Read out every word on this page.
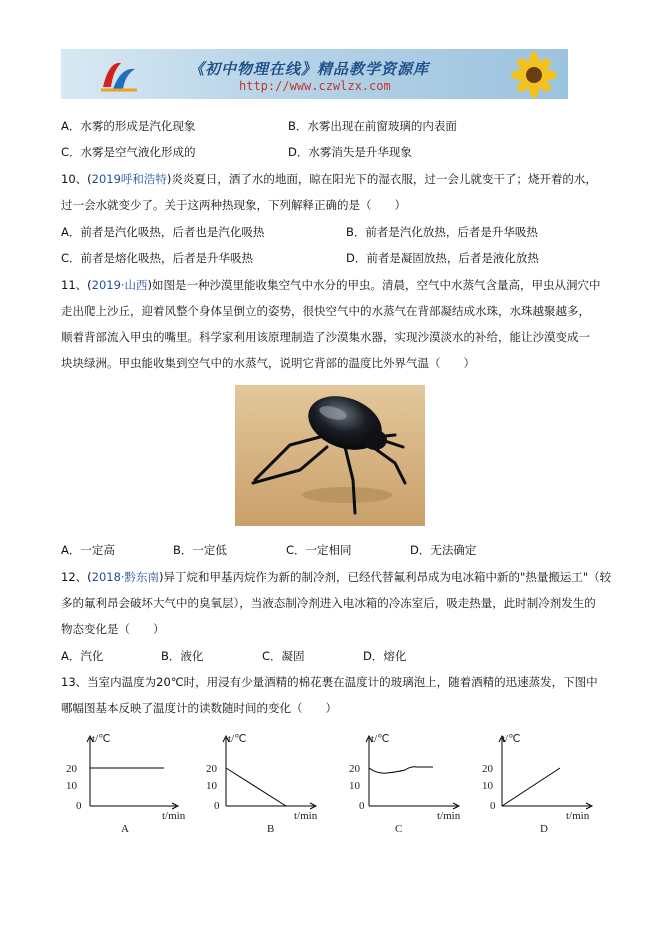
《初中物理在线》精品教学资源库
http://www.czwlzx.com
A．水雾的形成是汽化现象	B．水雾出现在前窗玻璃的内表面
C．水雾是空气液化形成的	D．水雾消失是升华现象
10、(2019呼和浩特)炎炎夏日，洒了水的地面，晾在阳光下的湿衣服，过一会儿就变干了；烧开着的水，
过一会水就变少了。关于这两种热现象，下列解释正确的是（　　）
A．前者是汽化吸热，后者也是汽化吸热	B．前者是汽化放热，后者是升华吸热
C．前者是熔化吸热，后者是升华吸热	D．前者是凝固放热，后者是液化放热
11、(2019·山西)如图是一种沙漠里能收集空气中水分的甲虫。清晨，空气中水蒸气含量高，甲虫从洞穴中
走出爬上沙丘，迎着风整个身体呈倒立的姿势，很快空气中的水蒸气在背部凝结成水珠，水珠越聚越多，
顺着背部流入甲虫的嘴里。科学家利用该原理制造了沙漠集水器，实现沙漠淡水的补给，能让沙漠变成一
块块绿洲。甲虫能收集到空气中的水蒸气，说明它背部的温度比外界气温（　　）
A．一定高	B．一定低	C．一定相同	D．无法确定
12、(2018·黔东南)异丁烷和甲基丙烷作为新的制冷剂，已经代替氟利昂成为电冰箱中新的"热量搬运工"（较
多的氟利昂会破坏大气中的臭氧层），当液态制冷剂进入电冰箱的冷冻室后，吸走热量，此时制冷剂发生的
物态变化是（　　）
A．汽化	B．液化	C．凝固	D．熔化
13、当室内温度为20℃时，用浸有少量酒精的棉花裹在温度计的玻璃泡上，随着酒精的迅速蒸发，下图中
哪幅图基本反映了温度计的读数随时间的变化（　　）
t/℃
20
10
0
t/min
A
t/℃
20
10
0
t/min
B
t/℃
20
10
0
t/min
C
t/℃
20
10
0
t/min
D
